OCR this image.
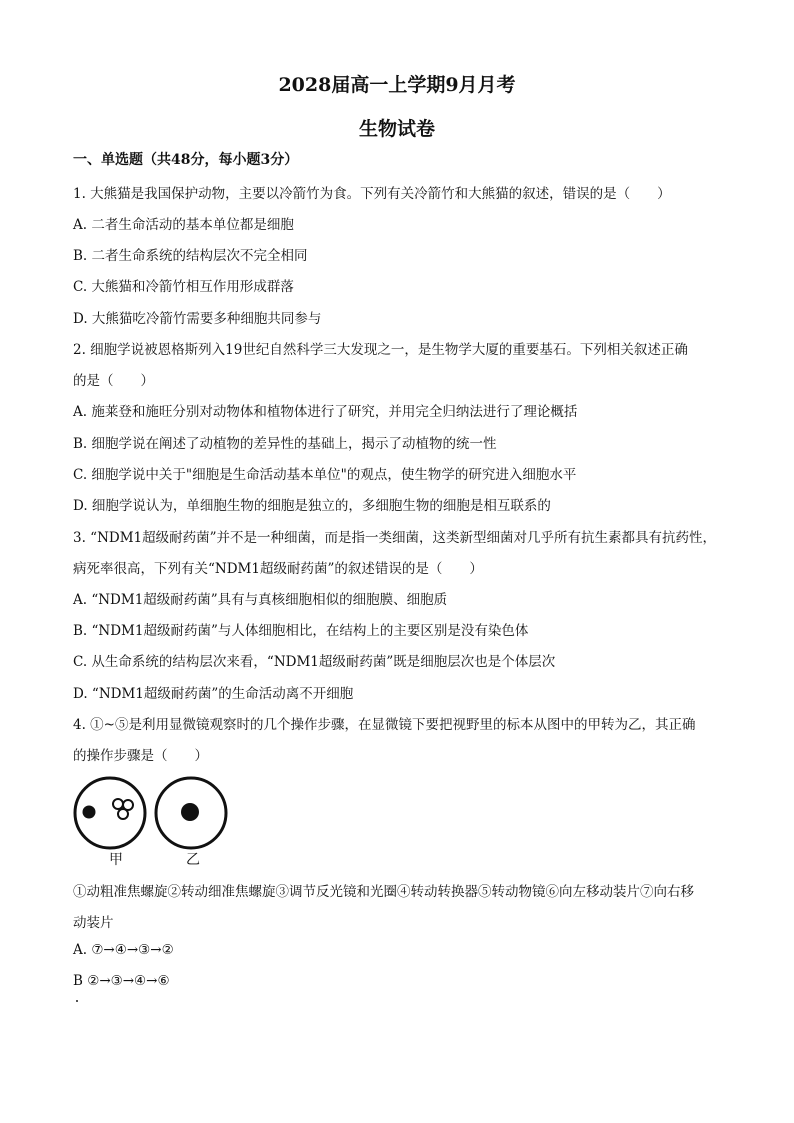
2028届高一上学期9月月考
生物试卷
一、单选题（共48分，每小题3分）
1. 大熊猫是我国保护动物，主要以冷箭竹为食。下列有关冷箭竹和大熊猫的叙述，错误的是（　　）
A. 二者生命活动的基本单位都是细胞
B. 二者生命系统的结构层次不完全相同
C. 大熊猫和冷箭竹相互作用形成群落
D. 大熊猫吃冷箭竹需要多种细胞共同参与
2. 细胞学说被恩格斯列入19世纪自然科学三大发现之一，是生物学大厦的重要基石。下列相关叙述正确
的是（　　）
A. 施莱登和施旺分别对动物体和植物体进行了研究，并用完全归纳法进行了理论概括
B. 细胞学说在阐述了动植物的差异性的基础上，揭示了动植物的统一性
C. 细胞学说中关于"细胞是生命活动基本单位"的观点，使生物学的研究进入细胞水平
D. 细胞学说认为，单细胞生物的细胞是独立的，多细胞生物的细胞是相互联系的
3. “NDM1超级耐药菌”并不是一种细菌，而是指一类细菌，这类新型细菌对几乎所有抗生素都具有抗药性，
病死率很高，下列有关“NDM1超级耐药菌”的叙述错误的是（　　）
A. “NDM1超级耐药菌”具有与真核细胞相似的细胞膜、细胞质
B. “NDM1超级耐药菌”与人体细胞相比，在结构上的主要区别是没有染色体
C. 从生命系统的结构层次来看，“NDM1超级耐药菌”既是细胞层次也是个体层次
D. “NDM1超级耐药菌”的生命活动离不开细胞
4. ①~⑤是利用显微镜观察时的几个操作步骤，在显微镜下要把视野里的标本从图中的甲转为乙，其正确
的操作步骤是（　　）
甲	乙
①动粗准焦螺旋②转动细准焦螺旋③调节反光镜和光圈④转动转换器⑤转动物镜⑥向左移动装片⑦向右移
动装片
A. ⑦→④→③→②
B ②→③→④→⑥
